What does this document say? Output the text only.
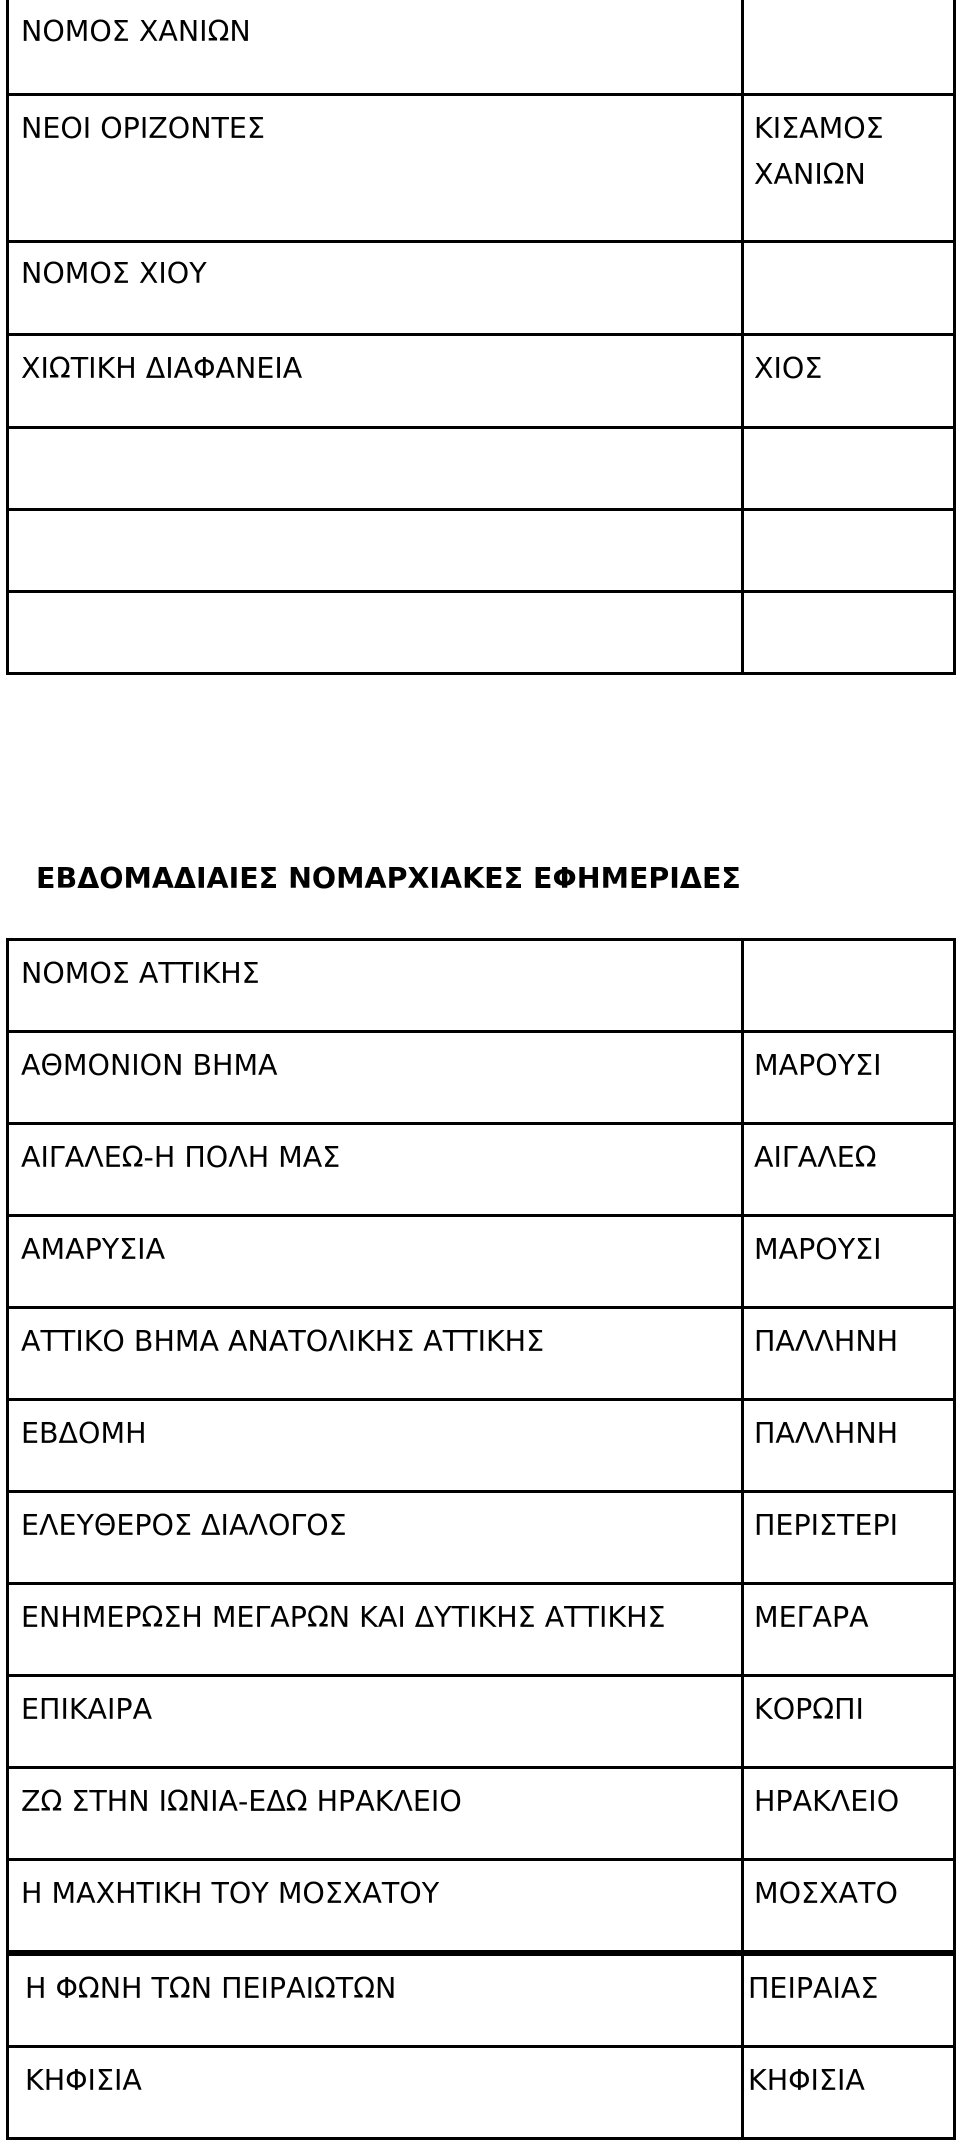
ΝΟΜΟΣ ΧΑΝΙΩΝ	
ΝΕΟΙ ΟΡΙΖΟΝΤΕΣ	ΚΙΣΑΜΟΣ ΧΑΝΙΩΝ
ΝΟΜΟΣ ΧΙΟΥ	
ΧΙΩΤΙΚΗ ΔΙΑΦΑΝΕΙΑ	ΧΙΟΣ

ΕΒΔΟΜΑΔΙΑΙΕΣ ΝΟΜΑΡΧΙΑΚΕΣ ΕΦΗΜΕΡΙΔΕΣ
ΝΟΜΟΣ ΑΤΤΙΚΗΣ	
ΑΘΜΟΝΙΟΝ ΒΗΜΑ	ΜΑΡΟΥΣΙ
ΑΙΓΑΛΕΩ-Η ΠΟΛΗ ΜΑΣ	ΑΙΓΑΛΕΩ
ΑΜΑΡΥΣΙΑ	ΜΑΡΟΥΣΙ
ΑΤΤΙΚΟ ΒΗΜΑ ΑΝΑΤΟΛΙΚΗΣ ΑΤΤΙΚΗΣ	ΠΑΛΛΗΝΗ
ΕΒΔΟΜΗ	ΠΑΛΛΗΝΗ
ΕΛΕΥΘΕΡΟΣ ΔΙΑΛΟΓΟΣ	ΠΕΡΙΣΤΕΡΙ
ΕΝΗΜΕΡΩΣΗ ΜΕΓΑΡΩΝ ΚΑΙ ΔΥΤΙΚΗΣ ΑΤΤΙΚΗΣ	ΜΕΓΑΡΑ
ΕΠΙΚΑΙΡΑ	ΚΟΡΩΠΙ
ΖΩ ΣΤΗΝ ΙΩΝΙΑ-ΕΔΩ ΗΡΑΚΛΕΙΟ	ΗΡΑΚΛΕΙΟ
Η ΜΑΧΗΤΙΚΗ ΤΟΥ ΜΟΣΧΑΤΟΥ	ΜΟΣΧΑΤΟ
Η ΦΩΝΗ ΤΩΝ ΠΕΙΡΑΙΩΤΩΝ	ΠΕΙΡΑΙΑΣ
ΚΗΦΙΣΙΑ	ΚΗΦΙΣΙΑ
